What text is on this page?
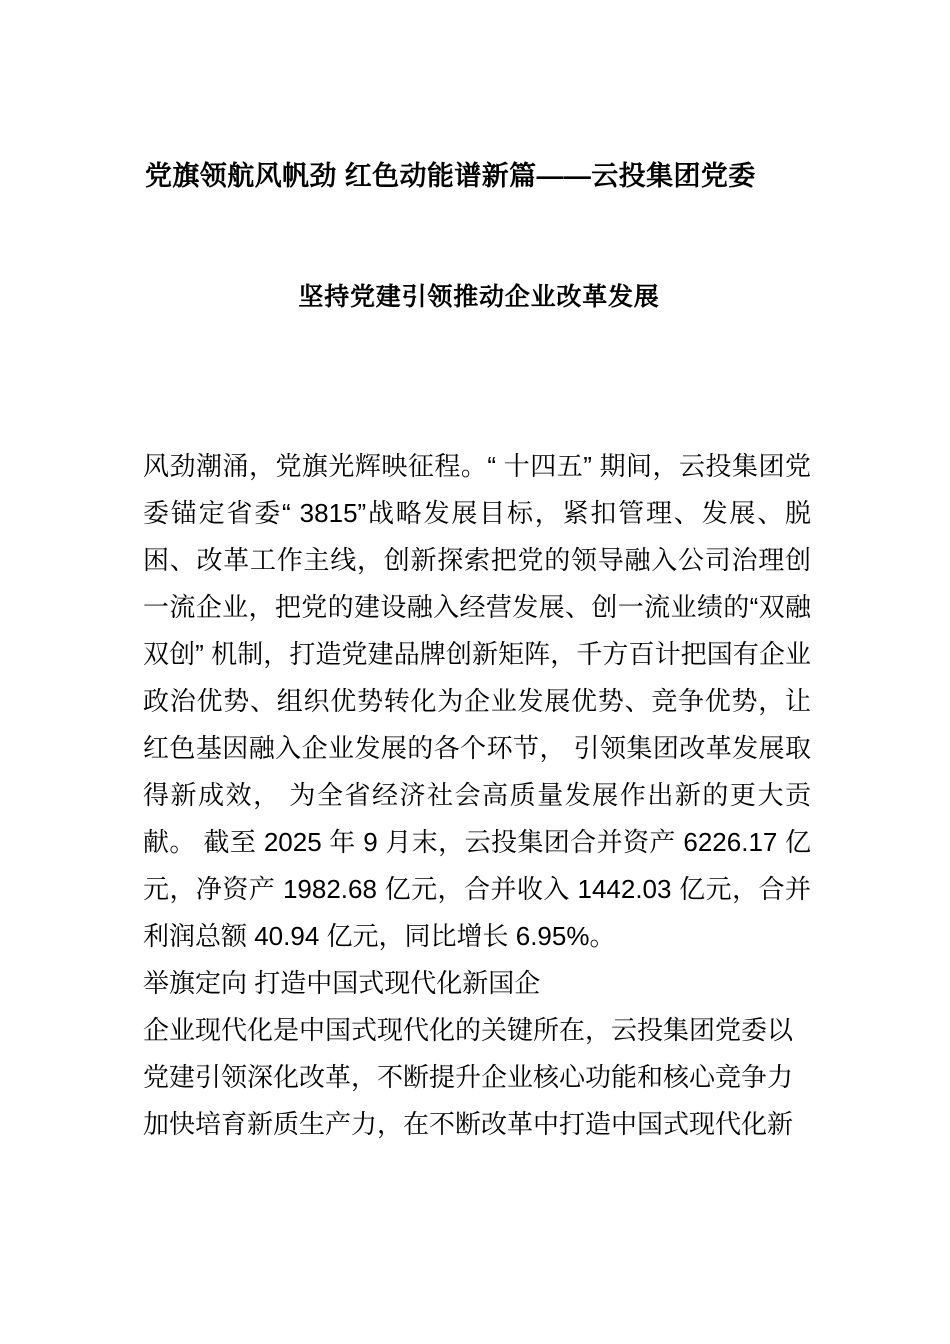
党旗领航风帆劲 红色动能谱新篇——云投集团党委
坚持党建引领推动企业改革发展

风劲潮涌，党旗光辉映征程。“ 十四五” 期间，云投集团党委锚定省委“ 3815”战略发展目标，紧扣管理、发展、脱困、改革工作主线，创新探索把党的领导融入公司治理创一流企业，把党的建设融入经营发展、创一流业绩的“双融双创” 机制，打造党建品牌创新矩阵，千方百计把国有企业政治优势、组织优势转化为企业发展优势、竞争优势，让红色基因融入企业发展的各个环节， 引领集团改革发展取得新成效， 为全省经济社会高质量发展作出新的更大贡献。 截至 2025 年 9 月末，云投集团合并资产 6226.17 亿元，净资产 1982.68 亿元，合并收入 1442.03 亿元，合并利润总额 40.94 亿元，同比增长 6.95%。

举旗定向 打造中国式现代化新国企

企业现代化是中国式现代化的关键所在，云投集团党委以党建引领深化改革，不断提升企业核心功能和核心竞争力加快培育新质生产力，在不断改革中打造中国式现代化新
